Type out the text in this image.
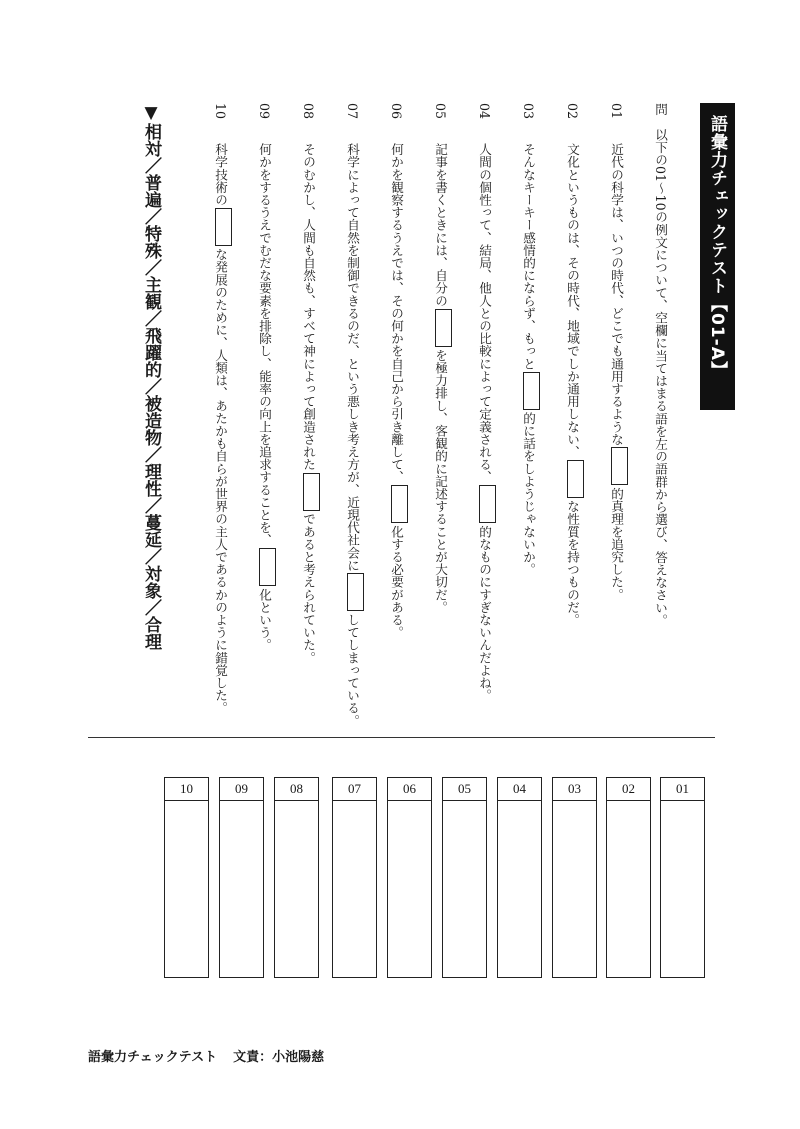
語彙力チェックテスト【01-A】
問　以下の01〜10の例文について、空欄に当てはまる語を左の語群から選び、答えなさい。
01近代の科学は、いつの時代、どこでも通用するような的真理を追究した。
02文化というものは、その時代、地域でしか通用しない、な性質を持つものだ。
03そんなキーキー感情的にならず、もっと的に話をしようじゃないか。
04人間の個性って、結局、他人との比較によって定義される、的なものにすぎないんだよね。
05記事を書くときには、自分のを極力排し、客観的に記述することが大切だ。
06何かを観察するうえでは、その何かを自己から引き離して、化する必要がある。
07科学によって自然を制御できるのだ、という悪しき考え方が、近現代社会にしてしまっている。
08そのむかし、人間も自然も、すべて神によって創造されたであると考えられていた。
09何かをするうえでむだな要素を排除し、能率の向上を追求することを、化という。
10科学技術のな発展のために、人類は、あたかも自らが世界の主人であるかのように錯覚した。
▼相対／普遍／特殊／主観／飛躍的／被造物／理性／蔓延／対象／合理
10	09	08	07	06	05	04	03	02	01
語彙力チェックテスト 文責：小池陽慈
